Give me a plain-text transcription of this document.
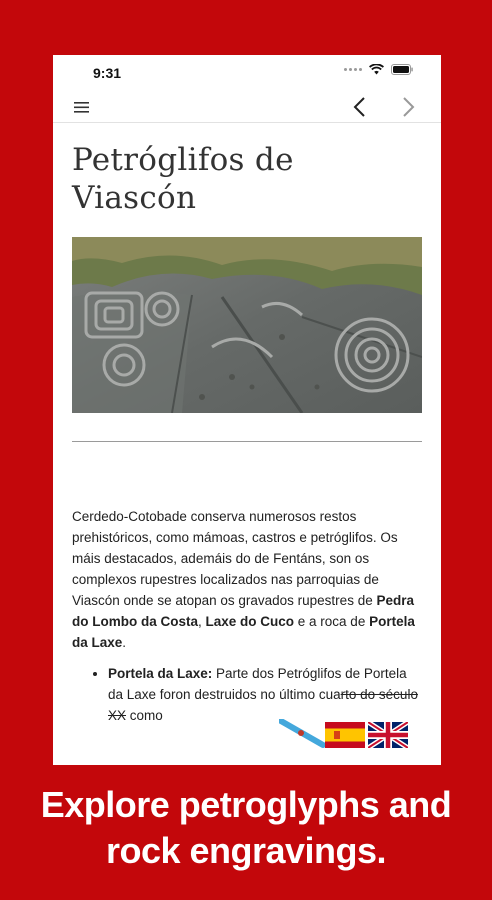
9:31
Petróglifos de Viascón

Cerdedo-Cotobade conserva numerosos restos prehistóricos, como mámoas, castros e petróglifos. Os máis destacados, ademáis do de Fentáns, son os complexos rupestres localizados nas parroquias de Viascón onde se atopan os gravados rupestres de Pedra do Lombo da Costa, Laxe do Cuco e a roca de Portela da Laxe.

• Portela da Laxe: Parte dos Petróglifos de Portela da Laxe foron destruidos no último cuarto do século XX como
Explore petroglyphs and
rock engravings.
